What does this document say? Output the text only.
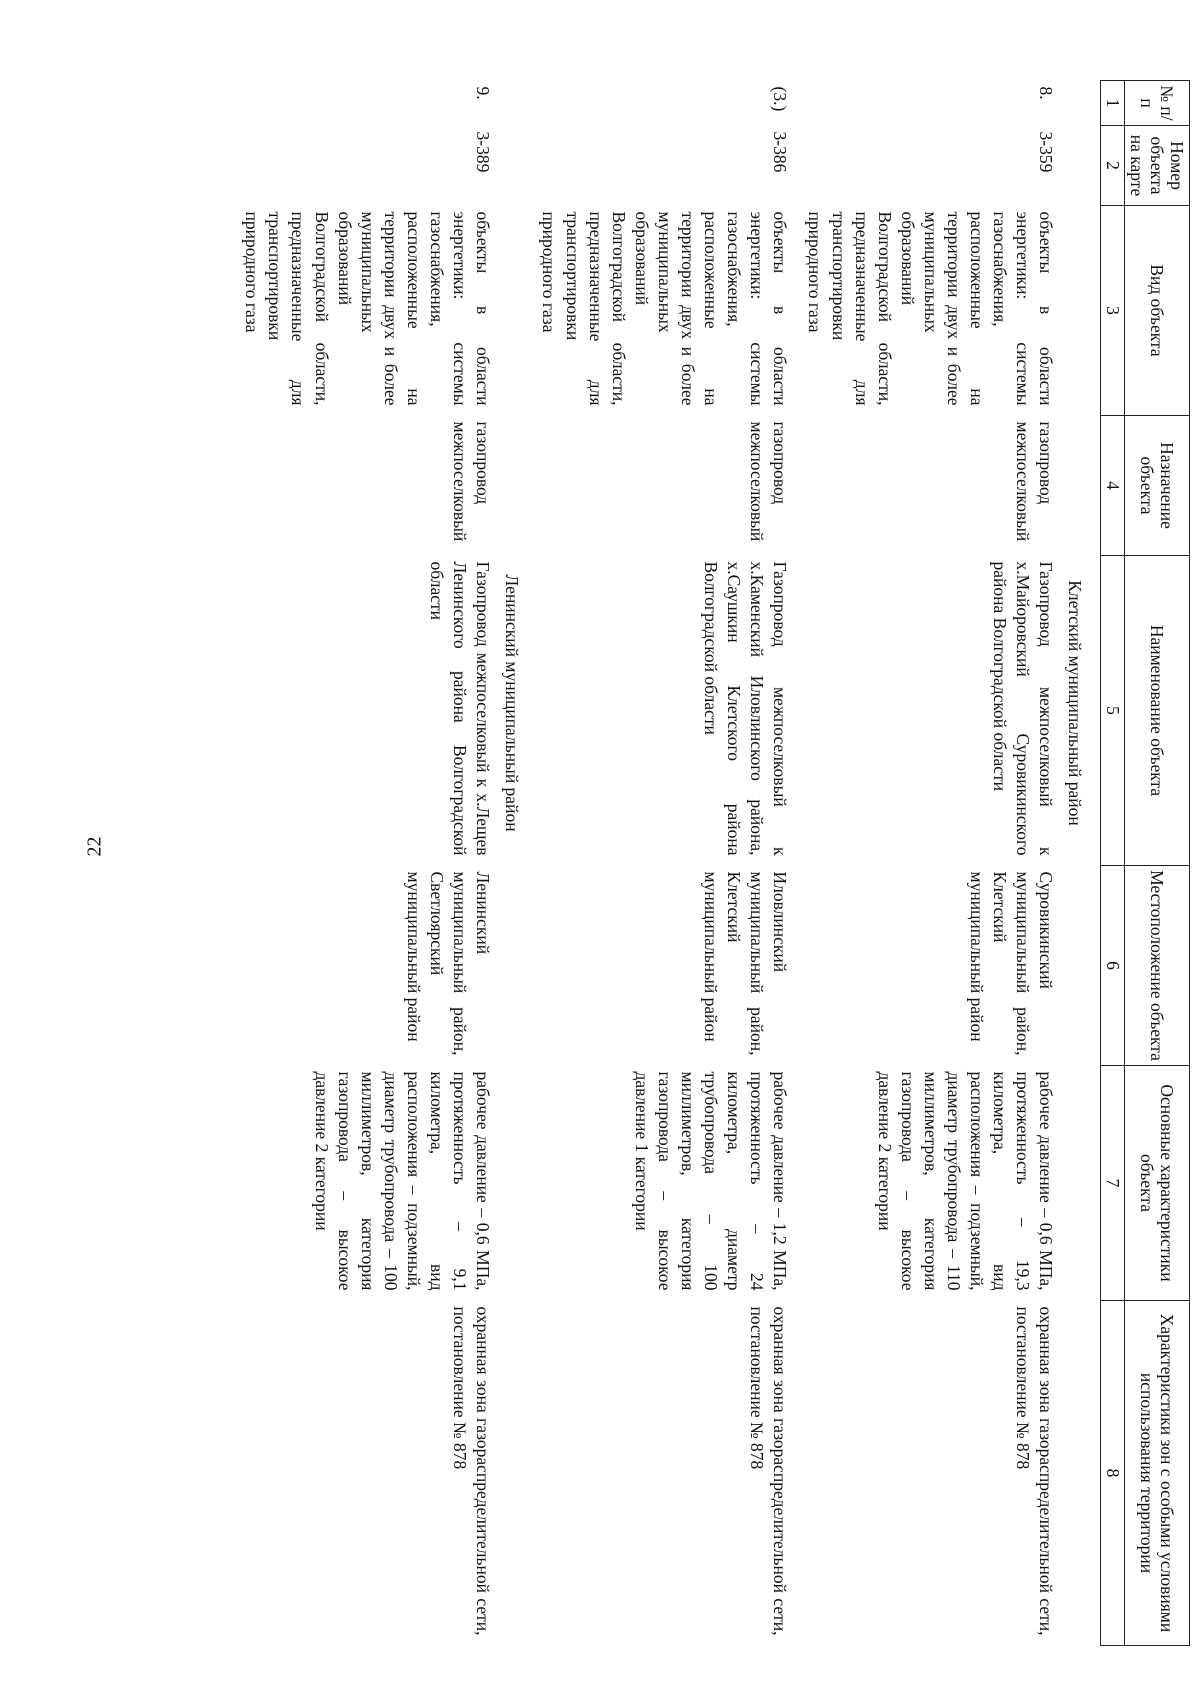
22
№ п/п	Номер объекта на карте	Вид объекта	Назначение объекта	Наименование объекта	Местоположение объекта	Основные характеристики объекта	Характеристики зон с особыми условиями использования территории
1	2	3	4	5	6	7	8

Клетский муниципальный район							
8.	3-359	объекты в области энергетики: системы газоснабжения, расположенные на территории двух и более муниципальных образований Волгоградской области, предназначенные для транспортировки природного газа	газопровод межпоселковый	Газопровод межпоселковый к х.Майоровский Суровикинского района Волгоградской области	Суровикинский муниципальный район, Клетский муниципальный район	рабочее давление – 0,6 МПа, протяженность – 19,3 километра, вид расположения – подземный, диаметр трубопровода – 110 миллиметров, категория газопровода – высокое давление 2 категории	охранная зона газораспределительной сети, постановление № 878
(3.)	3-386	объекты в области энергетики: системы газоснабжения, расположенные на территории двух и более муниципальных образований Волгоградской области, предназначенные для транспортировки природного газа	газопровод межпоселковый	Газопровод межпоселковый к х.Каменский Иловлинского района, х.Саушкин Клетского района Волгоградской области	Иловлинский муниципальный район, Клетский муниципальный район	рабочее давление – 1,2 МПа, протяженность – 24 километра, диаметр трубопровода – 100 миллиметров, категория газопровода – высокое давление 1 категории	охранная зона газораспределительной сети, постановление № 878
Ленинский муниципальный район							
9.	3-389	объекты в области энергетики: системы газоснабжения, расположенные на территории двух и более муниципальных образований Волгоградской области, предназначенные для транспортировки природного газа	газопровод межпоселковый	Газопровод межпоселковый к х.Лещев Ленинского района Волгоградской области	Ленинский муниципальный район, Светлоярский муниципальный район	рабочее давление – 0,6 МПа, протяженность – 9,1 километра, вид расположения – подземный, диаметр трубопровода – 100 миллиметров, категория газопровода – высокое давление 2 категории	охранная зона газораспределительной сети, постановление № 878
